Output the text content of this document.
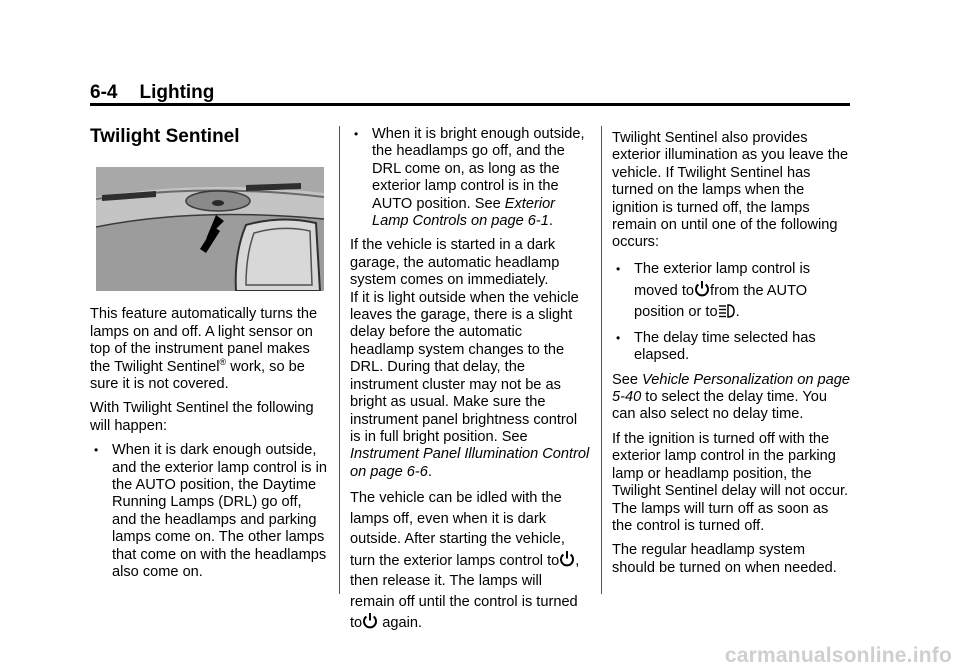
6-4 Lighting
Twilight Sentinel

This feature automatically turns the lamps on and off. A light sensor on top of the instrument panel makes the Twilight Sentinel® work, so be sure it is not covered.

With Twilight Sentinel the following will happen:

• When it is dark enough outside, and the exterior lamp control is in the AUTO position, the Daytime Running Lamps (DRL) go off, and the headlamps and parking lamps come on. The other lamps that come on with the headlamps also come on.
• When it is bright enough outside, the headlamps go off, and the DRL come on, as long as the exterior lamp control is in the AUTO position. See Exterior Lamp Controls on page 6‑1.

If the vehicle is started in a dark garage, the automatic headlamp system comes on immediately.
If it is light outside when the vehicle leaves the garage, there is a slight delay before the automatic headlamp system changes to the DRL. During that delay, the instrument cluster may not be as bright as usual. Make sure the instrument panel brightness control is in full bright position. See Instrument Panel Illumination Control on page 6‑6.

The vehicle can be idled with the lamps off, even when it is dark outside. After starting the vehicle, turn the exterior lamps control to , then release it. The lamps will remain off until the control is turned to again.

Twilight Sentinel also provides exterior illumination as you leave the vehicle. If Twilight Sentinel has turned on the lamps when the ignition is turned off, the lamps remain on until one of the following occurs:

• The exterior lamp control is moved to from the AUTO position or to .
• The delay time selected has elapsed.

See Vehicle Personalization on page 5‑40 to select the delay time. You can also select no delay time.

If the ignition is turned off with the exterior lamp control in the parking lamp or headlamp position, the Twilight Sentinel delay will not occur. The lamps will turn off as soon as the control is turned off.

The regular headlamp system should be turned on when needed.

carmanualsonline.info
